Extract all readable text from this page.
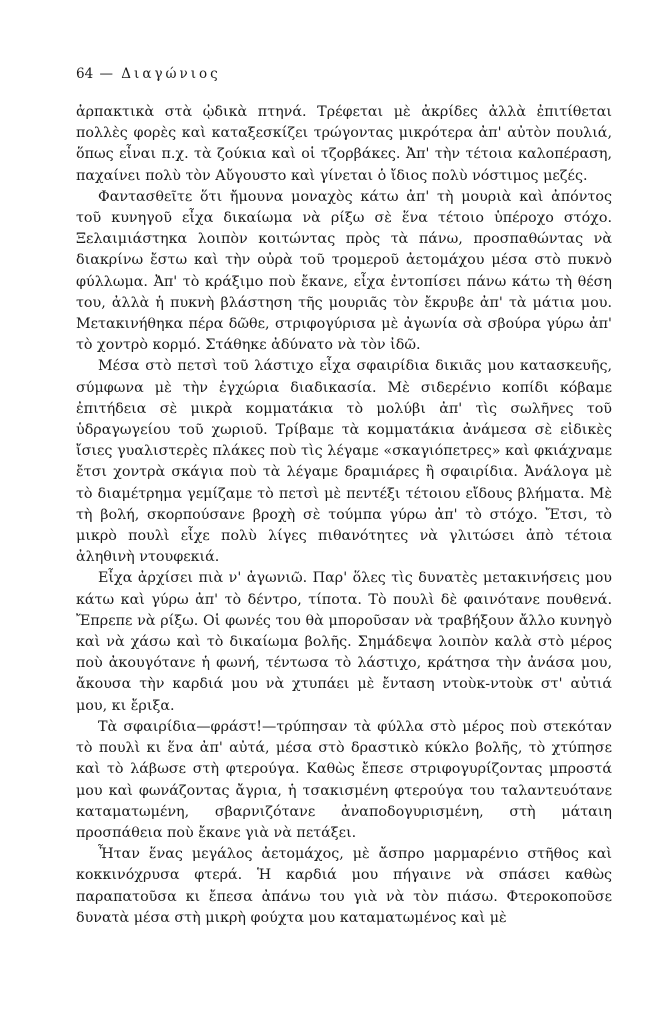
64 — Διαγώνιος

ἁρπακτικὰ στὰ ᾠδικὰ πτηνά. Τρέφεται μὲ ἀκρίδες ἀλλὰ ἐπιτίθεται πολλὲς φορὲς καὶ καταξεσκίζει τρώγοντας μικρότερα ἀπ' αὐτὸν πουλιά, ὅπως εἶναι π.χ. τὰ ζούκια καὶ οἱ τζορβάκες. Ἀπ' τὴν τέτοια καλοπέραση, παχαίνει πολὺ τὸν Αὔγουστο καὶ γίνεται ὁ ἴδιος πολὺ νόστιμος μεζές.

Φαντασθεῖτε ὅτι ἤμουνα μοναχὸς κάτω ἀπ' τὴ μουριὰ καὶ ἀπόντος τοῦ κυνηγοῦ εἶχα δικαίωμα νὰ ρίξω σὲ ἕνα τέτοιο ὑπέροχο στόχο. Ξελαιμιάστηκα λοιπὸν κοιτώντας πρὸς τὰ πάνω, προσπαθώντας νὰ διακρίνω ἔστω καὶ τὴν οὐρὰ τοῦ τρομεροῦ ἀετομάχου μέσα στὸ πυκνὸ φύλλωμα. Ἀπ' τὸ κράξιμο ποὺ ἔκανε, εἶχα ἐντοπίσει πάνω κάτω τὴ θέση του, ἀλλὰ ἡ πυκνὴ βλάστηση τῆς μουριᾶς τὸν ἔκρυβε ἀπ' τὰ μάτια μου. Μετακινήθηκα πέρα δῶθε, στριφογύρισα μὲ ἀγωνία σὰ σβούρα γύρω ἀπ' τὸ χοντρὸ κορμό. Στάθηκε ἀδύνατο νὰ τὸν ἰδῶ.

Μέσα στὸ πετσὶ τοῦ λάστιχο εἶχα σφαιρίδια δικιᾶς μου κατασκευῆς, σύμφωνα μὲ τὴν ἐγχώρια διαδικασία. Μὲ σιδερένιο κοπίδι κόβαμε ἐπιτήδεια σὲ μικρὰ κομματάκια τὸ μολύβι ἀπ' τὶς σωλῆνες τοῦ ὑδραγωγείου τοῦ χωριοῦ. Τρίβαμε τὰ κομματάκια ἀνάμεσα σὲ εἰδικὲς ἴσιες γυαλιστερὲς πλάκες ποὺ τὶς λέγαμε «σκαγιόπετρες» καὶ φκιάχναμε ἔτσι χοντρὰ σκάγια ποὺ τὰ λέγαμε δραμιάρες ἢ σφαιρίδια. Ἀνάλογα μὲ τὸ διαμέτρημα γεμίζαμε τὸ πετσὶ μὲ πεντέξι τέτοιου εἴδους βλήματα. Μὲ τὴ βολή, σκορπούσανε βροχὴ σὲ τούμπα γύρω ἀπ' τὸ στόχο. Ἔτσι, τὸ μικρὸ πουλὶ εἶχε πολὺ λίγες πιθανότητες νὰ γλιτώσει ἀπὸ τέτοια ἀληθινὴ ντουφεκιά.

Εἶχα ἀρχίσει πιὰ ν' ἀγωνιῶ. Παρ' ὅλες τὶς δυνατὲς μετακινήσεις μου κάτω καὶ γύρω ἀπ' τὸ δέντρο, τίποτα. Τὸ πουλὶ δὲ φαινότανε πουθενά. Ἔπρεπε νὰ ρίξω. Οἱ φωνές του θὰ μποροῦσαν νὰ τραβήξουν ἄλλο κυνηγὸ καὶ νὰ χάσω καὶ τὸ δικαίωμα βολῆς. Σημάδεψα λοιπὸν καλὰ στὸ μέρος ποὺ ἀκουγότανε ἡ φωνή, τέντωσα τὸ λάστιχο, κράτησα τὴν ἀνάσα μου, ἄκουσα τὴν καρδιά μου νὰ χτυπάει μὲ ἔνταση ντοὺκ-ντοὺκ στ' αὐτιά μου, κι ἔριξα.

Τὰ σφαιρίδια—φράστ!—τρύπησαν τὰ φύλλα στὸ μέρος ποὺ στεκόταν τὸ πουλὶ κι ἕνα ἀπ' αὐτά, μέσα στὸ δραστικὸ κύκλο βολῆς, τὸ χτύπησε καὶ τὸ λάβωσε στὴ φτερούγα. Καθὼς ἔπεσε στριφογυρίζοντας μπροστά μου καὶ φωνάζοντας ἄγρια, ἡ τσακισμένη φτερούγα του ταλαντευότανε καταματωμένη, σβαρνιζότανε ἀναποδογυρισμένη, στὴ μάταιη προσπάθεια ποὺ ἔκανε γιὰ νὰ πετάξει.

Ἦταν ἕνας μεγάλος ἀετομάχος, μὲ ἄσπρο μαρμαρένιο στῆθος καὶ κοκκινόχρυσα φτερά. Ἡ καρδιά μου πήγαινε νὰ σπάσει καθὼς παραπατοῦσα κι ἔπεσα ἀπάνω του γιὰ νὰ τὸν πιάσω. Φτεροκοποῦσε δυνατὰ μέσα στὴ μικρὴ φούχτα μου καταματωμένος καὶ μὲ
